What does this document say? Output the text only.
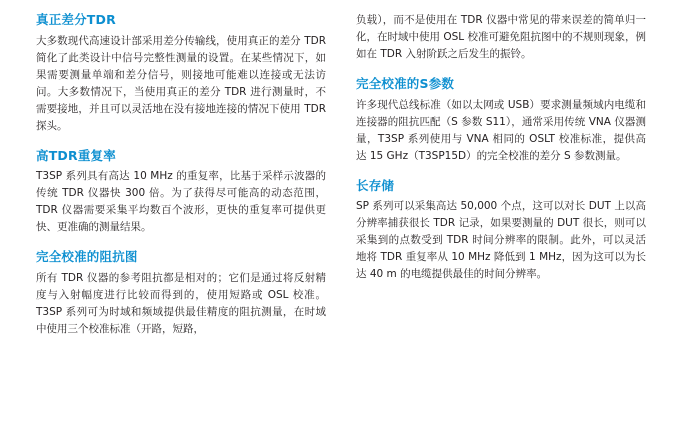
真正差分TDR

大多数现代高速设计部采用差分传输线，使用真正的差分 TDR 简化了此类设计中信号完整性测量的设置。在某些情况下，如果需要测量单端和差分信号，则接地可能难以连接或无法访问。大多数情况下，当使用真正的差分 TDR 进行测量时，不需要接地，并且可以灵活地在没有接地连接的情况下使用 TDR 探头。

高TDR重复率

T3SP 系列具有高达 10 MHz 的重复率，比基于采样示波器的传统 TDR 仪器快 300 倍。为了获得尽可能高的动态范围，TDR 仪器需要采集平均数百个波形，更快的重复率可提供更快、更准确的测量结果。

完全校准的阻抗图

所有 TDR 仪器的参考阻抗都是相对的；它们是通过将反射精度与入射幅度进行比较而得到的，使用短路或 OSL 校准。T3SP 系列可为时域和频域提供最佳精度的阻抗测量，在时域中使用三个校准标准（开路，短路，

负载），而不是使用在 TDR 仪器中常见的带来误差的简单归一化，在时域中使用 OSL 校准可避免阻抗图中的不规则现象，例如在 TDR 入射阶跃之后发生的振铃。

完全校准的S参数

许多现代总线标准（如以太网或 USB）要求测量频域内电缆和连接器的阻抗匹配（S 参数 S11），通常采用传统 VNA 仪器测量，T3SP 系列使用与 VNA 相同的 OSLT 校准标准，提供高达 15 GHz（T3SP15D）的完全校准的差分 S 参数测量。

长存储

SP 系列可以采集高达 50,000 个点，这可以对长 DUT 上以高分辨率捕获很长 TDR 记录，如果要测量的 DUT 很长，则可以采集到的点数受到 TDR 时间分辨率的限制。此外，可以灵活地将 TDR 重复率从 10 MHz 降低到 1 MHz，因为这可以为长达 40 m 的电缆提供最佳的时间分辨率。
